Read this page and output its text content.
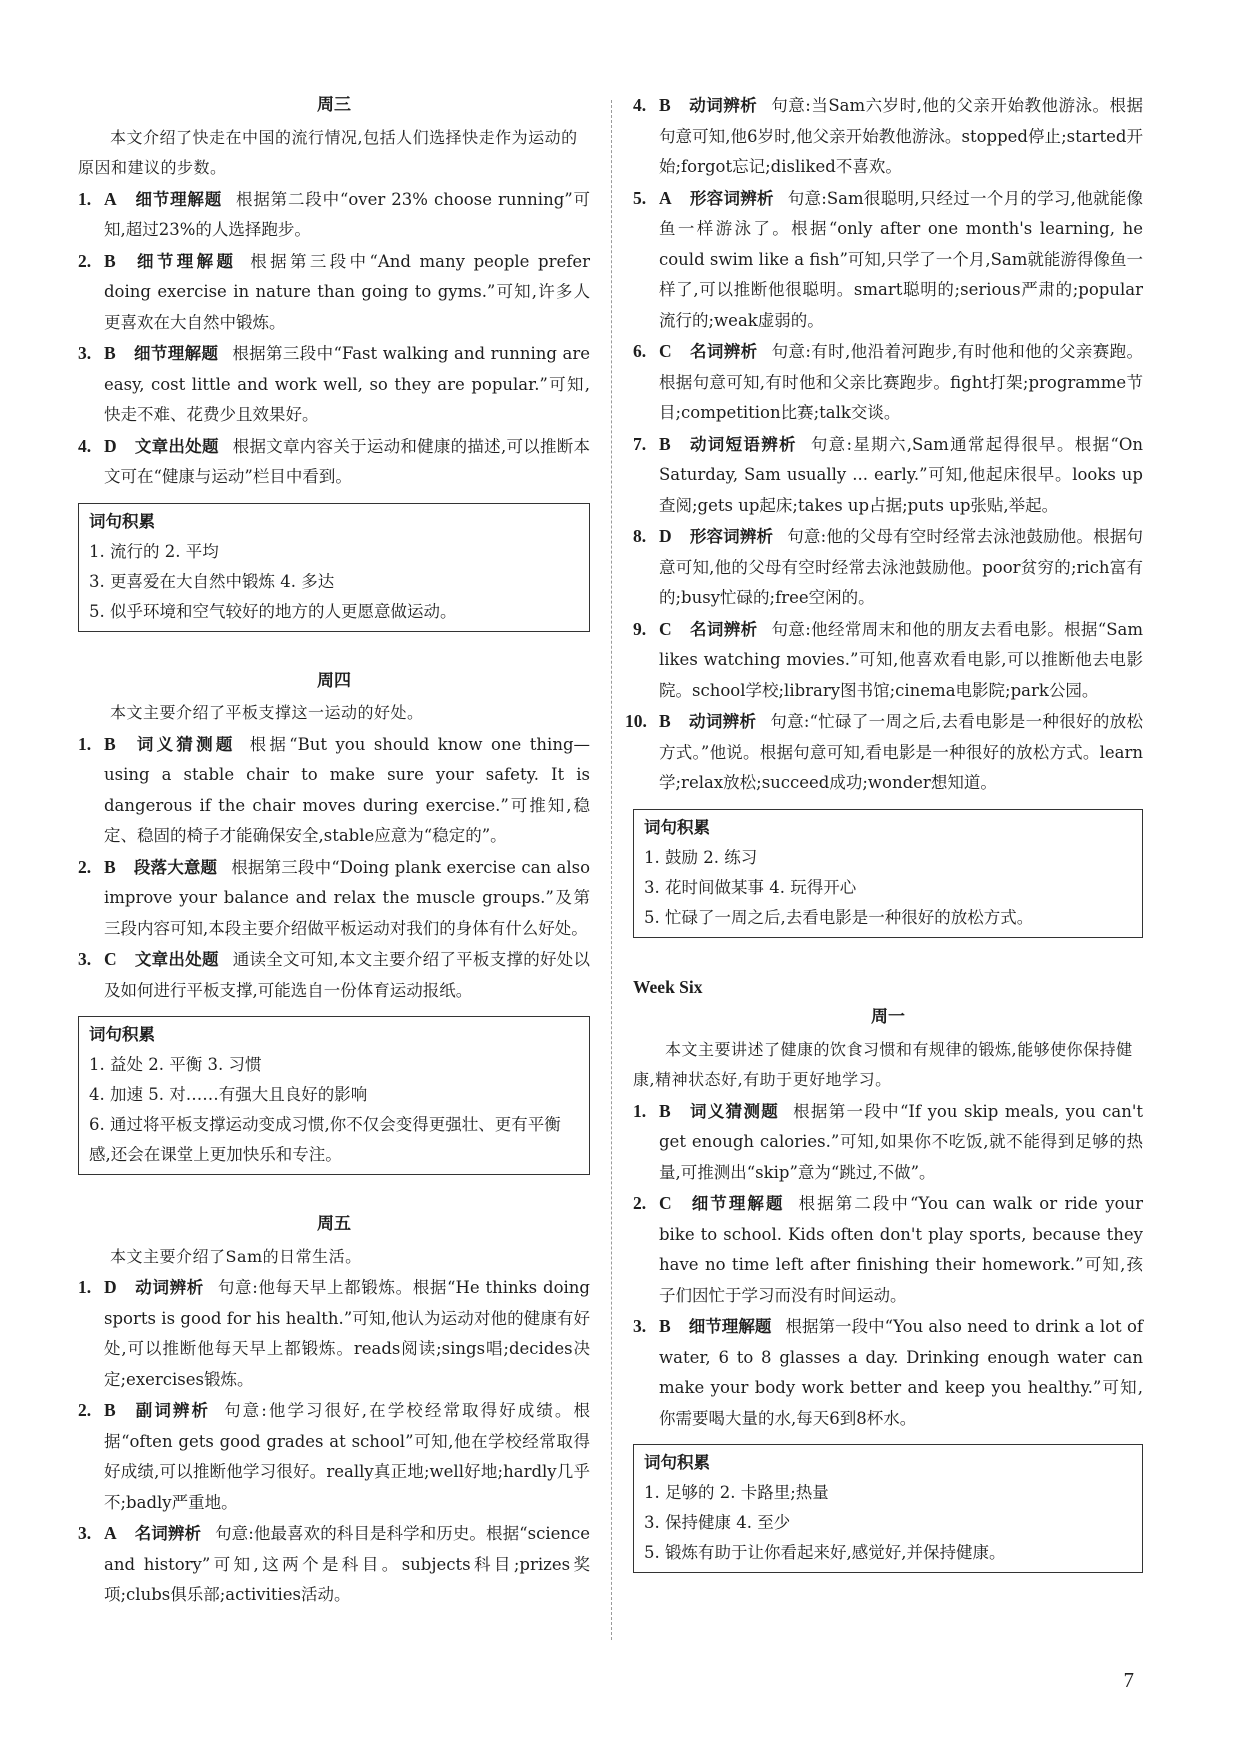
周三

本文介绍了快走在中国的流行情况,包括人们选择快走作为运动的原因和建议的步数。

1. A 细节理解题 根据第二段中“over 23% choose running”可知,超过23%的人选择跑步。
2. B 细节理解题 根据第三段中“And many people prefer doing exercise in nature than going to gyms.”可知,许多人更喜欢在大自然中锻炼。
3. B 细节理解题 根据第三段中“Fast walking and running are easy, cost little and work well, so they are popular.”可知,快走不难、花费少且效果好。
4. D 文章出处题 根据文章内容关于运动和健康的描述,可以推断本文可在“健康与运动”栏目中看到。
词句积累

1. 流行的 2. 平均

3. 更喜爱在大自然中锻炼 4. 多达

5. 似乎环境和空气较好的地方的人更愿意做运动。

周四

本文主要介绍了平板支撑这一运动的好处。

1. B 词义猜测题 根据“But you should know one thing—using a stable chair to make sure your safety. It is dangerous if the chair moves during exercise.”可推知,稳定、稳固的椅子才能确保安全,stable应意为“稳定的”。
2. B 段落大意题 根据第三段中“Doing plank exercise can also improve your balance and relax the muscle groups.”及第三段内容可知,本段主要介绍做平板运动对我们的身体有什么好处。
3. C 文章出处题 通读全文可知,本文主要介绍了平板支撑的好处以及如何进行平板支撑,可能选自一份体育运动报纸。
词句积累

1. 益处 2. 平衡 3. 习惯

4. 加速 5. 对……有强大且良好的影响

6. 通过将平板支撑运动变成习惯,你不仅会变得更强壮、更有平衡感,还会在课堂上更加快乐和专注。

周五

本文主要介绍了Sam的日常生活。

1. D 动词辨析 句意:他每天早上都锻炼。根据“He thinks doing sports is good for his health.”可知,他认为运动对他的健康有好处,可以推断他每天早上都锻炼。reads阅读;sings唱;decides决定;exercises锻炼。
2. B 副词辨析 句意:他学习很好,在学校经常取得好成绩。根据“often gets good grades at school”可知,他在学校经常取得好成绩,可以推断他学习很好。really真正地;well好地;hardly几乎不;badly严重地。
3. A 名词辨析 句意:他最喜欢的科目是科学和历史。根据“science and history”可知,这两个是科目。subjects科目;prizes奖项;clubs俱乐部;activities活动。
4. B 动词辨析 句意:当Sam六岁时,他的父亲开始教他游泳。根据句意可知,他6岁时,他父亲开始教他游泳。stopped停止;started开始;forgot忘记;disliked不喜欢。
5. A 形容词辨析 句意:Sam很聪明,只经过一个月的学习,他就能像鱼一样游泳了。根据“only after one month's learning, he could swim like a fish”可知,只学了一个月,Sam就能游得像鱼一样了,可以推断他很聪明。smart聪明的;serious严肃的;popular流行的;weak虚弱的。
6. C 名词辨析 句意:有时,他沿着河跑步,有时他和他的父亲赛跑。根据句意可知,有时他和父亲比赛跑步。fight打架;programme节目;competition比赛;talk交谈。
7. B 动词短语辨析 句意:星期六,Sam通常起得很早。根据“On Saturday, Sam usually ... early.”可知,他起床很早。looks up查阅;gets up起床;takes up占据;puts up张贴,举起。
8. D 形容词辨析 句意:他的父母有空时经常去泳池鼓励他。根据句意可知,他的父母有空时经常去泳池鼓励他。poor贫穷的;rich富有的;busy忙碌的;free空闲的。
9. C 名词辨析 句意:他经常周末和他的朋友去看电影。根据“Sam likes watching movies.”可知,他喜欢看电影,可以推断他去电影院。school学校;library图书馆;cinema电影院;park公园。
10. B 动词辨析 句意:“忙碌了一周之后,去看电影是一种很好的放松方式。”他说。根据句意可知,看电影是一种很好的放松方式。learn学;relax放松;succeed成功;wonder想知道。
词句积累

1. 鼓励 2. 练习

3. 花时间做某事 4. 玩得开心

5. 忙碌了一周之后,去看电影是一种很好的放松方式。

Week Six

周一

本文主要讲述了健康的饮食习惯和有规律的锻炼,能够使你保持健康,精神状态好,有助于更好地学习。

1. B 词义猜测题 根据第一段中“If you skip meals, you can't get enough calories.”可知,如果你不吃饭,就不能得到足够的热量,可推测出“skip”意为“跳过,不做”。
2. C 细节理解题 根据第二段中“You can walk or ride your bike to school. Kids often don't play sports, because they have no time left after finishing their homework.”可知,孩子们因忙于学习而没有时间运动。
3. B 细节理解题 根据第一段中“You also need to drink a lot of water, 6 to 8 glasses a day. Drinking enough water can make your body work better and keep you healthy.”可知,你需要喝大量的水,每天6到8杯水。
词句积累

1. 足够的 2. 卡路里;热量

3. 保持健康 4. 至少

5. 锻炼有助于让你看起来好,感觉好,并保持健康。

7
